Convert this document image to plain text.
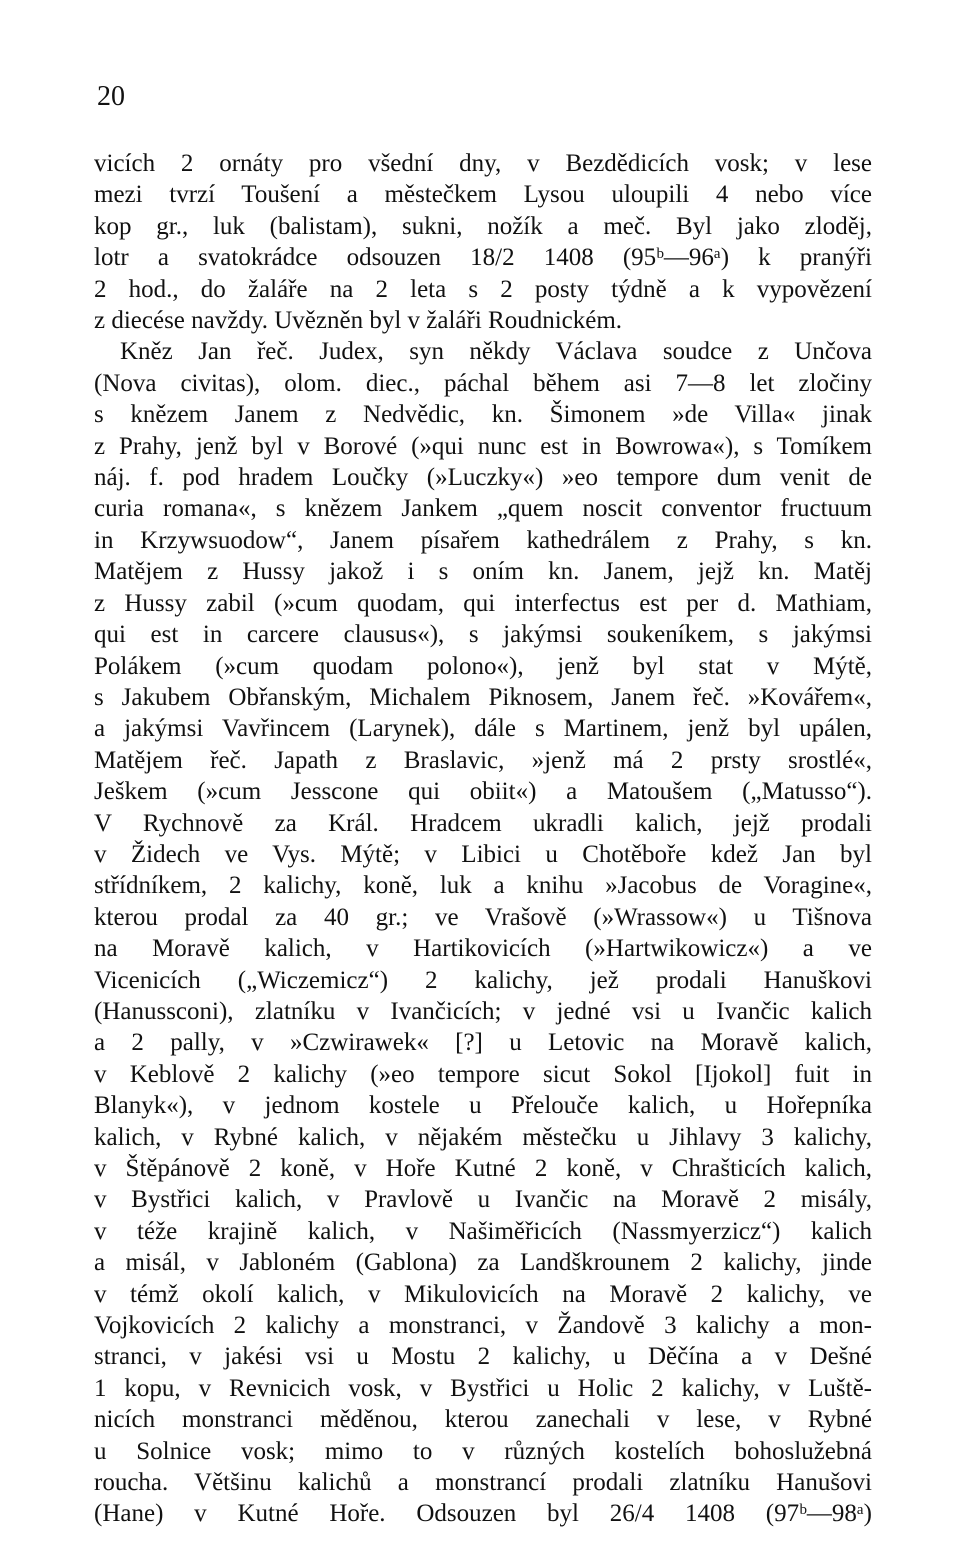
20

vicích 2 ornáty pro všední dny, v Bezdědicích vosk; v lese
mezi tvrzí Toušení a městečkem Lysou uloupili 4 nebo více
kop gr., luk (balistam), sukni, nožík a meč. Byl jako zloděj,
lotr a svatokrádce odsouzen 18/2 1408 (95ᵇ—96ᵃ) k pranýři
2 hod., do žaláře na 2 leta s 2 posty týdně a k vypovězení
z diecése navždy. Uvězněn byl v žaláři Roudnickém.

Kněz Jan řeč. Judex, syn někdy Václava soudce z Unčova
(Nova civitas), olom. diec., páchal během asi 7—8 let zločiny
s knězem Janem z Nedvědic, kn. Šimonem »de Villa« jinak
z Prahy, jenž byl v Borové (»qui nunc est in Bowrowa«), s Tomíkem
náj. f. pod hradem Loučky (»Luczky«) »eo tempore dum venit de
curia romana«, s knězem Jankem „quem noscit conventor fructuum
in Krzywsuodow“, Janem písařem kathedrálem z Prahy, s kn.
Matějem z Hussy jakož i s oním kn. Janem, jejž kn. Matěj
z Hussy zabil (»cum quodam, qui interfectus est per d. Mathiam,
qui est in carcere clausus«), s jakýmsi soukeníkem, s jakýmsi
Polákem (»cum quodam polono«), jenž byl stat v Mýtě,
s Jakubem Obřanským, Michalem Piknosem, Janem řeč. »Kovářem«,
a jakýmsi Vavřincem (Larynek), dále s Martinem, jenž byl upálen,
Matějem řeč. Japath z Braslavic, »jenž má 2 prsty srostlé«,
Ješkem (»cum Jesscone qui obiit«) a Matoušem („Matusso“).
V Rychnově za Král. Hradcem ukradli kalich, jejž prodali
v Židech ve Vys. Mýtě; v Libici u Chotěboře kdež Jan byl
střídníkem, 2 kalichy, koně, luk a knihu »Jacobus de Voragine«,
kterou prodal za 40 gr.; ve Vrašově (»Wrassow«) u Tišnova
na Moravě kalich, v Hartikovicích (»Hartwikowicz«) a ve
Vicenicích („Wiczemicz“) 2 kalichy, jež prodali Hanuškovi
(Hanussconi), zlatníku v Ivančicích; v jedné vsi u Ivančic kalich
a 2 pally, v »Czwirawek« [?] u Letovic na Moravě kalich,
v Keblově 2 kalichy (»eo tempore sicut Sokol [Ijokol] fuit in
Blanyk«), v jednom kostele u Přelouče kalich, u Hořepníka
kalich, v Rybné kalich, v nějakém městečku u Jihlavy 3 kalichy,
v Štěpánově 2 koně, v Hoře Kutné 2 koně, v Chrašticích kalich,
v Bystřici kalich, v Pravlově u Ivančic na Moravě 2 misály,
v téže krajině kalich, v Našiměřicích (Nassmyerzicz“) kalich
a misál, v Jabloném (Gablona) za Landškrounem 2 kalichy, jinde
v témž okolí kalich, v Mikulovicích na Moravě 2 kalichy, ve
Vojkovicích 2 kalichy a monstranci, v Žandově 3 kalichy a mon-
stranci, v jakési vsi u Mostu 2 kalichy, u Děčína a v Dešné
1 kopu, v Revnicich vosk, v Bystřici u Holic 2 kalichy, v Luště-
nicích monstranci měděnou, kterou zanechali v lese, v Rybné
u Solnice vosk; mimo to v různých kostelích bohoslužebná
roucha. Většinu kalichů a monstrancí prodali zlatníku Hanušovi
(Hane) v Kutné Hoře. Odsouzen byl 26/4 1408 (97ᵇ—98ᵃ)
